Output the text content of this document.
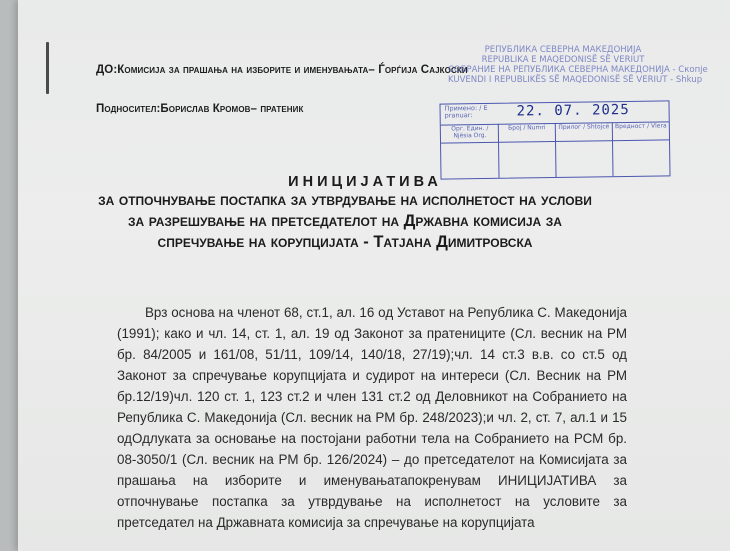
ДО:Комисија за прашања на изборите и именувањата– Ѓорѓија Сајкоски
Подносител:Борислав Кромов– пратеник
РЕПУБЛИКА СЕВЕРНА МАКЕДОНИЈА
REPUBLIKA E MAQEDONISË SË VERIUT
СОБРАНИЕ НА РЕПУБЛИКА СЕВЕРНА МАКЕДОНИЈА - Скопје
KUVENDI I REPUBLIKËS SË MAQEDONISË SË VERIUT - Shkup
Примено: / E pranuar:	22. 07. 2025
Орг. Един. / Njësia Org.
Број / Numri	Прилог / Shtojcë Вредност / Vlera
ИНИЦИЈАТИВА
за отпочнување постапка за утврдување на исполнетост на услови за разрешување на претседателот на Државна комисија за спречување на корупцијата - Татјана Димитровска

Врз основа на членот 68, ст.1, ал. 16 од Уставот на Република С. Македонија (1991); како и чл. 14, ст. 1, ал. 19 од Законот за пратениците (Сл. весник на РМ бр. 84/2005 и 161/08, 51/11, 109/14, 140/18, 27/19);чл. 14 ст.3 в.в. со ст.5 од Законот за спречување корупцијата и судирот на интереси (Сл. Весник на РМ бр.12/19)чл. 120 ст. 1, 123 ст.2 и член 131 ст.2 од Деловникот на Собранието на Република С. Македонија (Сл. весник на РМ бр. 248/2023);и чл. 2, ст. 7, ал.1 и 15 одОдлуката за основање на постојани работни тела на Собранието на РСМ бр. 08-3050/1 (Сл. весник на РМ бр. 126/2024) – до претседателот на Комисијата за прашања на изборите и именувањатапокренувам ИНИЦИЈАТИВА за отпочнување постапка за утврдување на исполнетост на условите за претседател на Државната комисија за спречување на корупцијата
